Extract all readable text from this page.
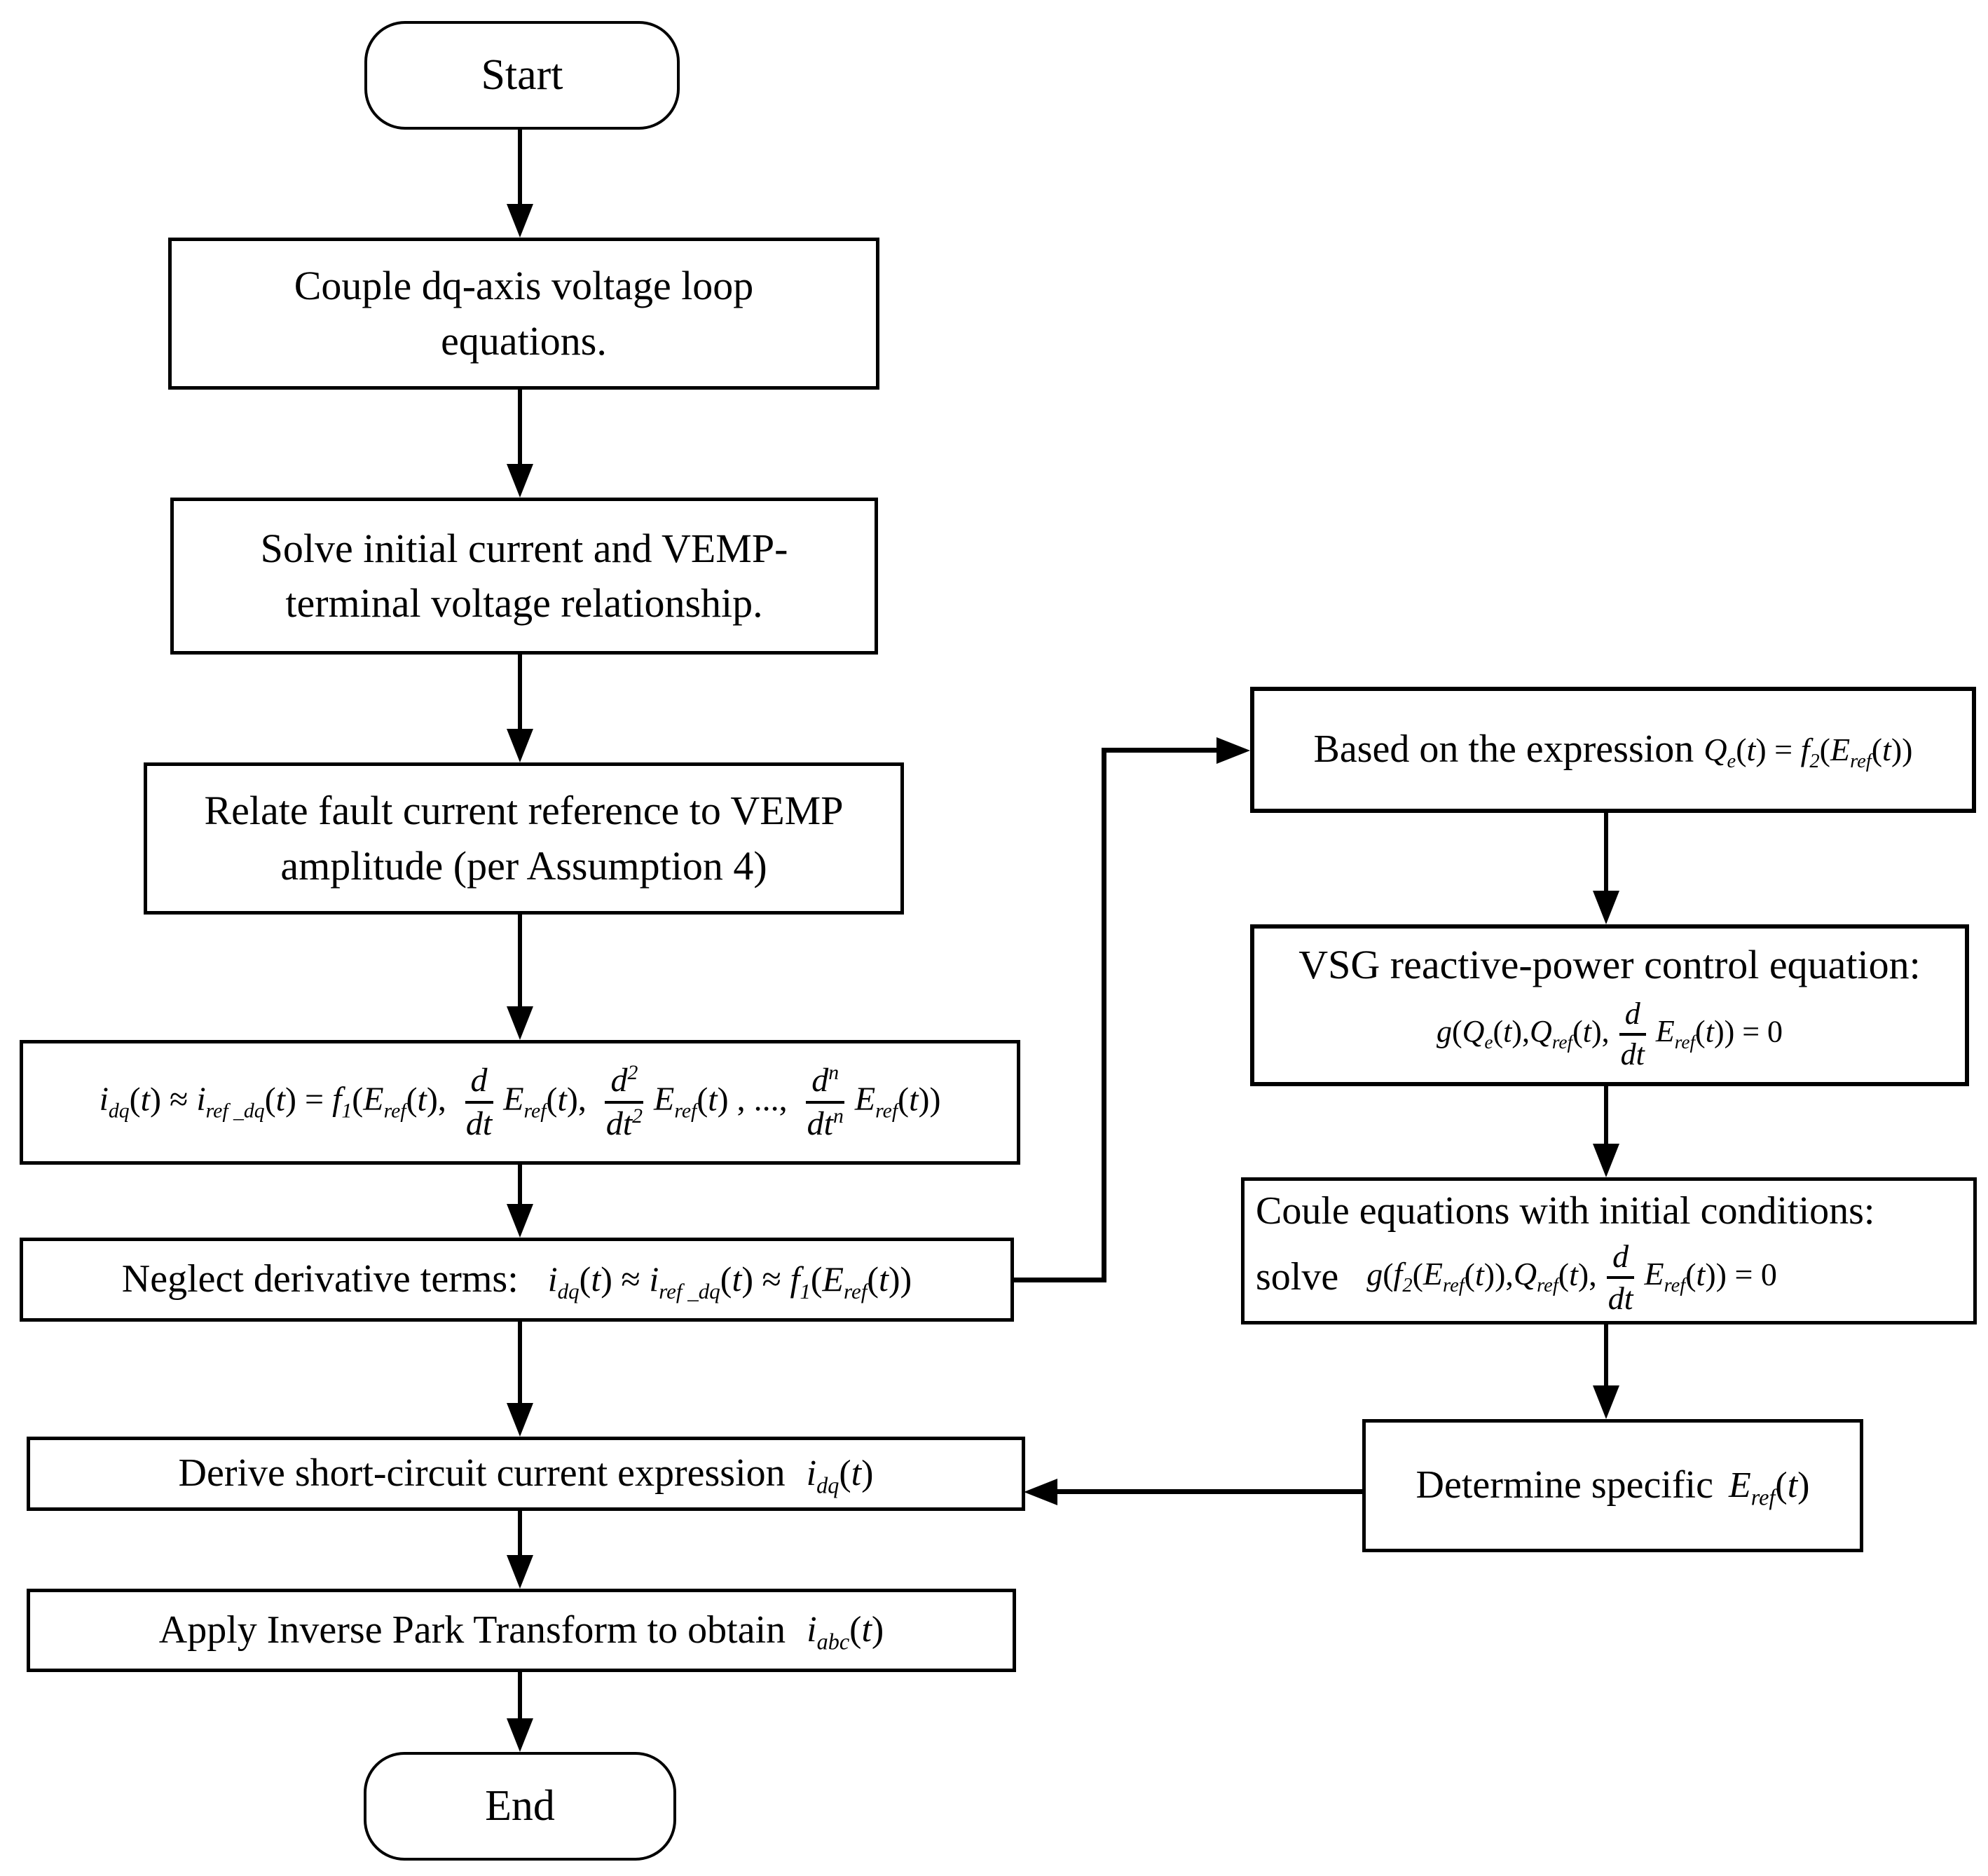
Start
Couple dq-axis voltage loop
equations.
Solve initial current and VEMP-
terminal voltage relationship.
Relate fault current reference to VEMP
amplitude (per Assumption 4)
$i_{dq}(t) \approx i_{ref \_dq}(t) = f_1(E_{ref}(t)$, $\frac{d}{dt} E_{ref}(t)$, $\frac{d^2}{dt^2} E_{ref}(t)$ , ..., $\frac{d^n}{dt^n} E_{ref}(t)$)
Neglect derivative terms: $i_{dq}(t) \approx i_{ref \_dq}(t) \approx f_1(E_{ref}(t))$
Derive short-circuit current expression $i_{dq}(t)$
Apply Inverse Park Transform to obtain $i_{abc}(t)$
End
Based on the expression $Q_e(t) = f_2(E_{ref}(t))$
VSG reactive-power control equation:
$g(Q_e(t),Q_{ref}(t)$, $\frac{d}{dt} E_{ref}(t)) = 0$
Coule equations with initial conditions:
solve $g(f_2(E_{ref}(t)),Q_{ref}(t)$, $\frac{d}{dt} E_{ref}(t)) = 0$
Determine specific $E_{ref}(t)$
